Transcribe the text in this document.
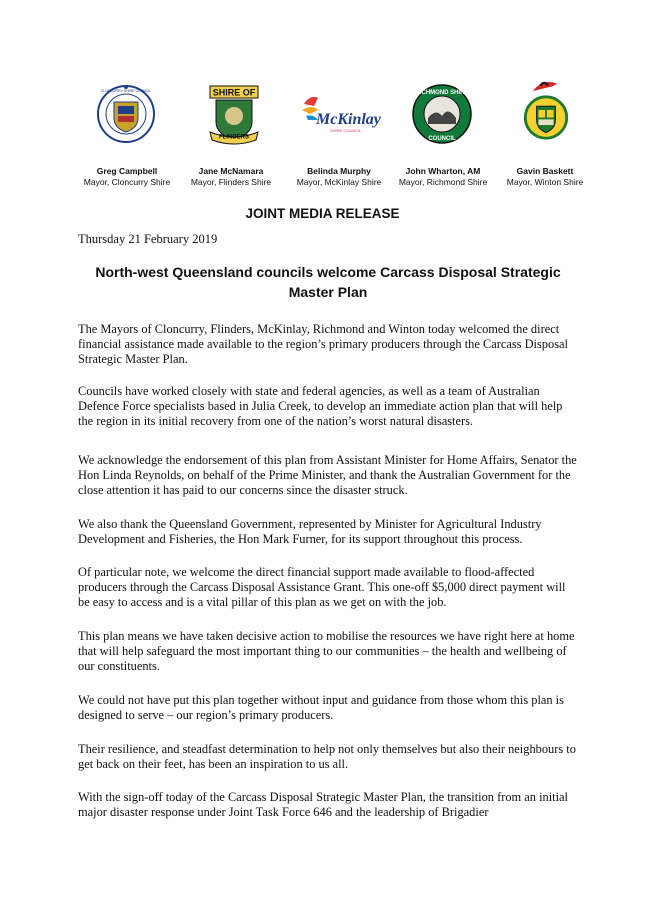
CLONCURRY SHIRE COUNCIL	SHIRE OF
FLINDERS
McKinlay
SHIRE COUNCIL
RICHMOND SHIRE
COUNCIL
Greg Campbell
Mayor, Cloncurry Shire
Jane McNamara
Mayor, Flinders Shire
Belinda Murphy
Mayor, McKinlay Shire
John Wharton, AM
Mayor, Richmond Shire
Gavin Baskett
Mayor, Winton Shire
JOINT MEDIA RELEASE
Thursday 21 February 2019
North-west Queensland councils welcome Carcass Disposal Strategic
Master Plan

The Mayors of Cloncurry, Flinders, McKinlay, Richmond and Winton today welcomed the direct financial assistance made available to the region’s primary producers through the Carcass Disposal Strategic Master Plan.

Councils have worked closely with state and federal agencies, as well as a team of Australian Defence Force specialists based in Julia Creek, to develop an immediate action plan that will help the region in its initial recovery from one of the nation’s worst natural disasters.

We acknowledge the endorsement of this plan from Assistant Minister for Home Affairs, Senator the Hon Linda Reynolds, on behalf of the Prime Minister, and thank the Australian Government for the close attention it has paid to our concerns since the disaster struck.

We also thank the Queensland Government, represented by Minister for Agricultural Industry Development and Fisheries, the Hon Mark Furner, for its support throughout this process.

Of particular note, we welcome the direct financial support made available to flood-affected producers through the Carcass Disposal Assistance Grant. This one-off $5,000 direct payment will be easy to access and is a vital pillar of this plan as we get on with the job.

This plan means we have taken decisive action to mobilise the resources we have right here at home that will help safeguard the most important thing to our communities – the health and wellbeing of our constituents.

We could not have put this plan together without input and guidance from those whom this plan is designed to serve – our region’s primary producers.

Their resilience, and steadfast determination to help not only themselves but also their neighbours to get back on their feet, has been an inspiration to us all.

With the sign-off today of the Carcass Disposal Strategic Master Plan, the transition from an initial major disaster response under Joint Task Force 646 and the leadership of Brigadier
